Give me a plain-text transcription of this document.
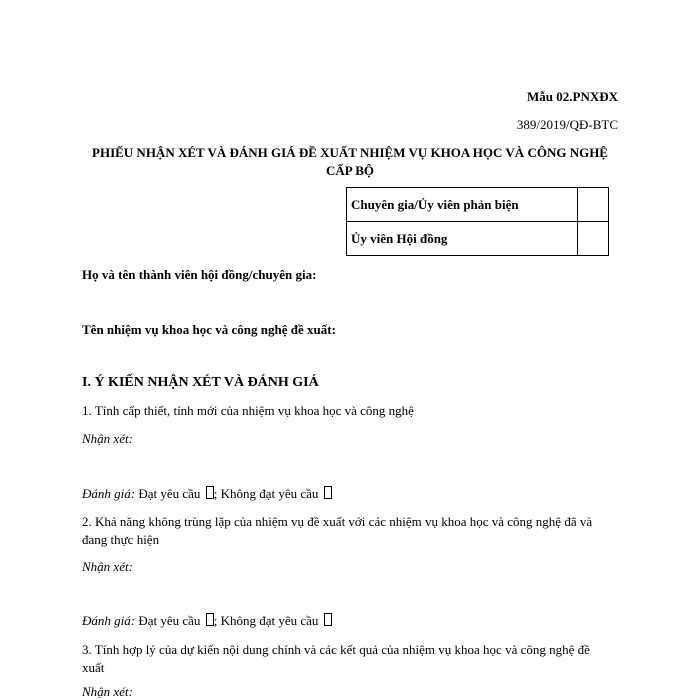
Mẫu 02.PNXĐX

389/2019/QĐ-BTC

PHIẾU NHẬN XÉT VÀ ĐÁNH GIÁ ĐỀ XUẤT NHIỆM VỤ KHOA HỌC VÀ CÔNG NGHỆ CẤP BỘ

Chuyên gia/Ủy viên phản biện	
Ủy viên Hội đồng	

Họ và tên thành viên hội đồng/chuyên gia:

Tên nhiệm vụ khoa học và công nghệ đề xuất:

I. Ý KIẾN NHẬN XÉT VÀ ĐÁNH GIÁ

1. Tính cấp thiết, tính mới của nhiệm vụ khoa học và công nghệ

Nhận xét:

Đánh giá: Đạt yêu cầu ; Không đạt yêu cầu

2. Khả năng không trùng lặp của nhiệm vụ đề xuất với các nhiệm vụ khoa học và công nghệ đã và đang thực hiện

Nhận xét:

Đánh giá: Đạt yêu cầu ; Không đạt yêu cầu

3. Tính hợp lý của dự kiến nội dung chính và các kết quả của nhiệm vụ khoa học và công nghệ đề xuất

Nhận xét:
